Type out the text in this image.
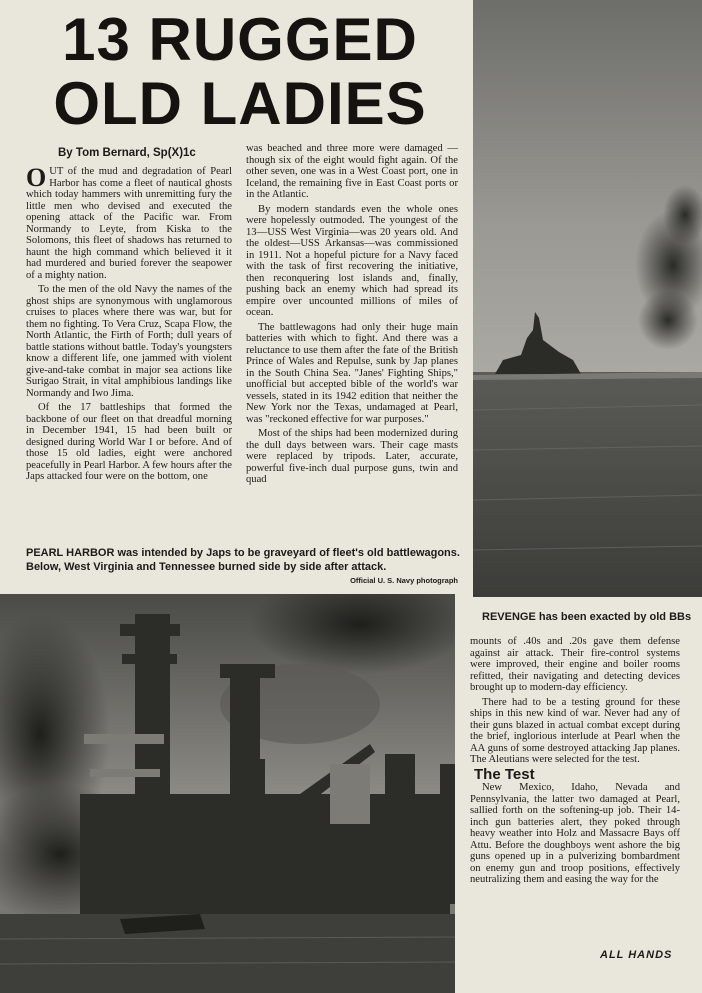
13 RUGGED
OLD LADIES
By Tom Bernard, Sp(X)1c

OUT of the mud and degradation of Pearl Harbor has come a fleet of nautical ghosts which today hammers with unremitting fury the little men who devised and executed the opening attack of the Pacific war. From Normandy to Leyte, from Kiska to the Solomons, this fleet of shadows has returned to haunt the high command which believed it it had murdered and buried forever the seapower of a mighty nation.

To the men of the old Navy the names of the ghost ships are synonymous with unglamorous cruises to places where there was war, but for them no fighting. To Vera Cruz, Scapa Flow, the North Atlantic, the Firth of Forth; dull years of battle stations without battle. Today's youngsters know a different life, one jammed with violent give-and-take combat in major sea actions like Surigao Strait, in vital amphibious landings like Normandy and Iwo Jima.

Of the 17 battleships that formed the backbone of our fleet on that dreadful morning in December 1941, 15 had been built or designed during World War I or before. And of those 15 old ladies, eight were anchored peacefully in Pearl Harbor. A few hours after the Japs attacked four were on the bottom, one

was beached and three more were damaged — though six of the eight would fight again. Of the other seven, one was in a West Coast port, one in Iceland, the remaining five in East Coast ports or in the Atlantic.

By modern standards even the whole ones were hopelessly outmoded. The youngest of the 13—USS West Virginia—was 20 years old. And the oldest—USS Arkansas—was commissioned in 1911. Not a hopeful picture for a Navy faced with the task of first recovering the initiative, then reconquering lost islands and, finally, pushing back an enemy which had spread its empire over uncounted millions of miles of ocean.

The battlewagons had only their huge main batteries with which to fight. And there was a reluctance to use them after the fate of the British Prince of Wales and Repulse, sunk by Jap planes in the South China Sea. "Janes' Fighting Ships," unofficial but accepted bible of the world's war vessels, stated in its 1942 edition that neither the New York nor the Texas, undamaged at Pearl, was "reckoned effective for war purposes."

Most of the ships had been modernized during the dull days between wars. Their cage masts were replaced by tripods. Later, accurate, powerful five-inch dual purpose guns, twin and quad

PEARL HARBOR was intended by Japs to be graveyard of fleet's old battlewagons. Below, West Virginia and Tennessee burned side by side after attack.
Official U. S. Navy photograph
REVENGE has been exacted by old BBs

mounts of .40s and .20s gave them defense against air attack. Their fire-control systems were improved, their engine and boiler rooms refitted, their navigating and detecting devices brought up to modern-day efficiency.

There had to be a testing ground for these ships in this new kind of war. Never had any of their guns blazed in actual combat except during the brief, inglorious interlude at Pearl when the AA guns of some destroyed attacking Jap planes. The Aleutians were selected for the test.

The Test

New Mexico, Idaho, Nevada and Pennsylvania, the latter two damaged at Pearl, sallied forth on the softening-up job. Their 14-inch gun batteries alert, they poked through heavy weather into Holz and Massacre Bays off Attu. Before the doughboys went ashore the big guns opened up in a pulverizing bombardment on enemy gun and troop positions, effectively neutralizing them and easing the way for the

ALL HANDS
